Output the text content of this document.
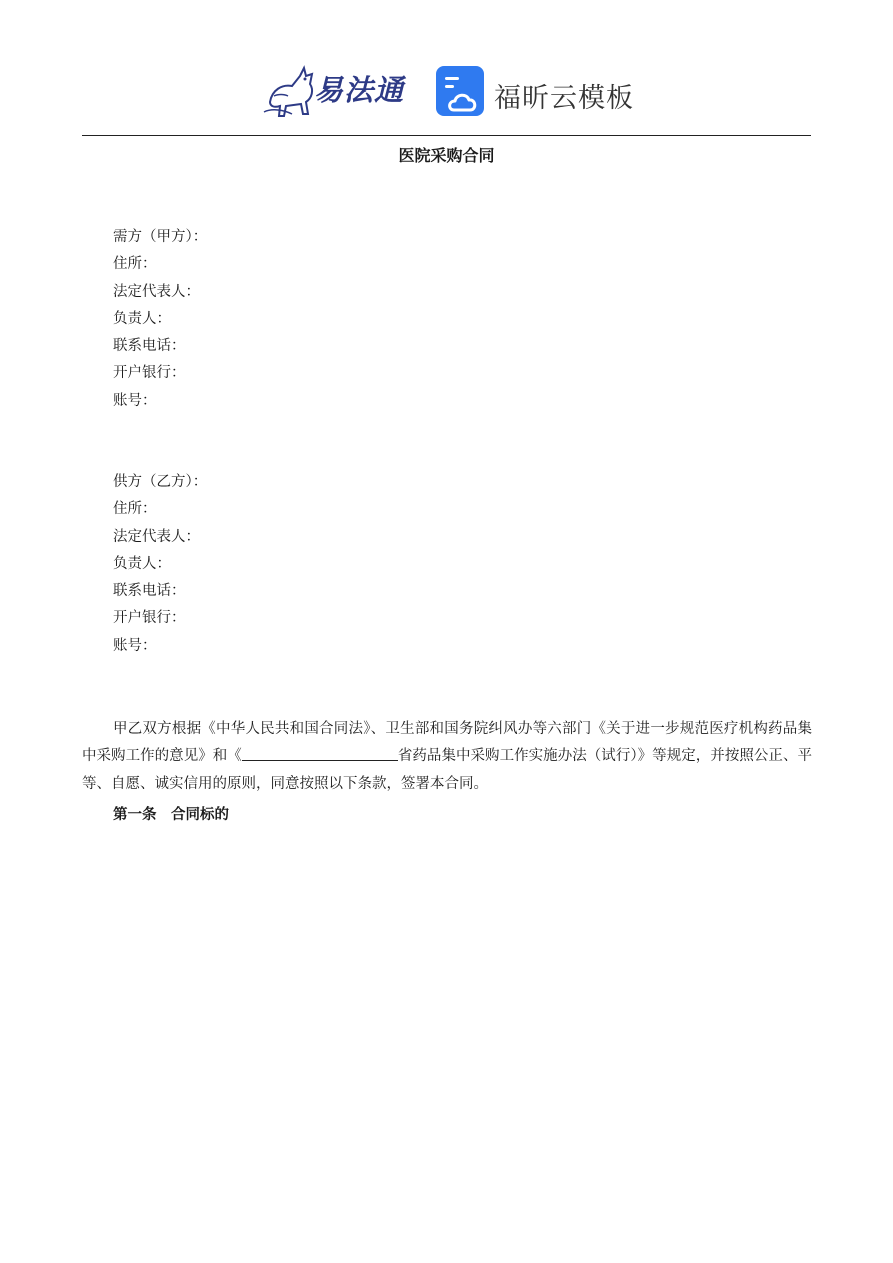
易法通	福昕云模板
医院采购合同
需方（甲方）：
住所：
法定代表人：
负责人：
联系电话：
开户银行：
账号：
供方（乙方）：
住所：
法定代表人：
负责人：
联系电话：
开户银行：
账号：

甲乙双方根据《中华人民共和国合同法》、卫生部和国务院纠风办等六部门《关于进一步规范医疗机构药品集中采购工作的意见》和《	省药品集中采购工作实施办法（试行）》等规定，并按照公正、平等、自愿、诚实信用的原则，同意按照以下条款，签署本合同。

第一条　合同标的
